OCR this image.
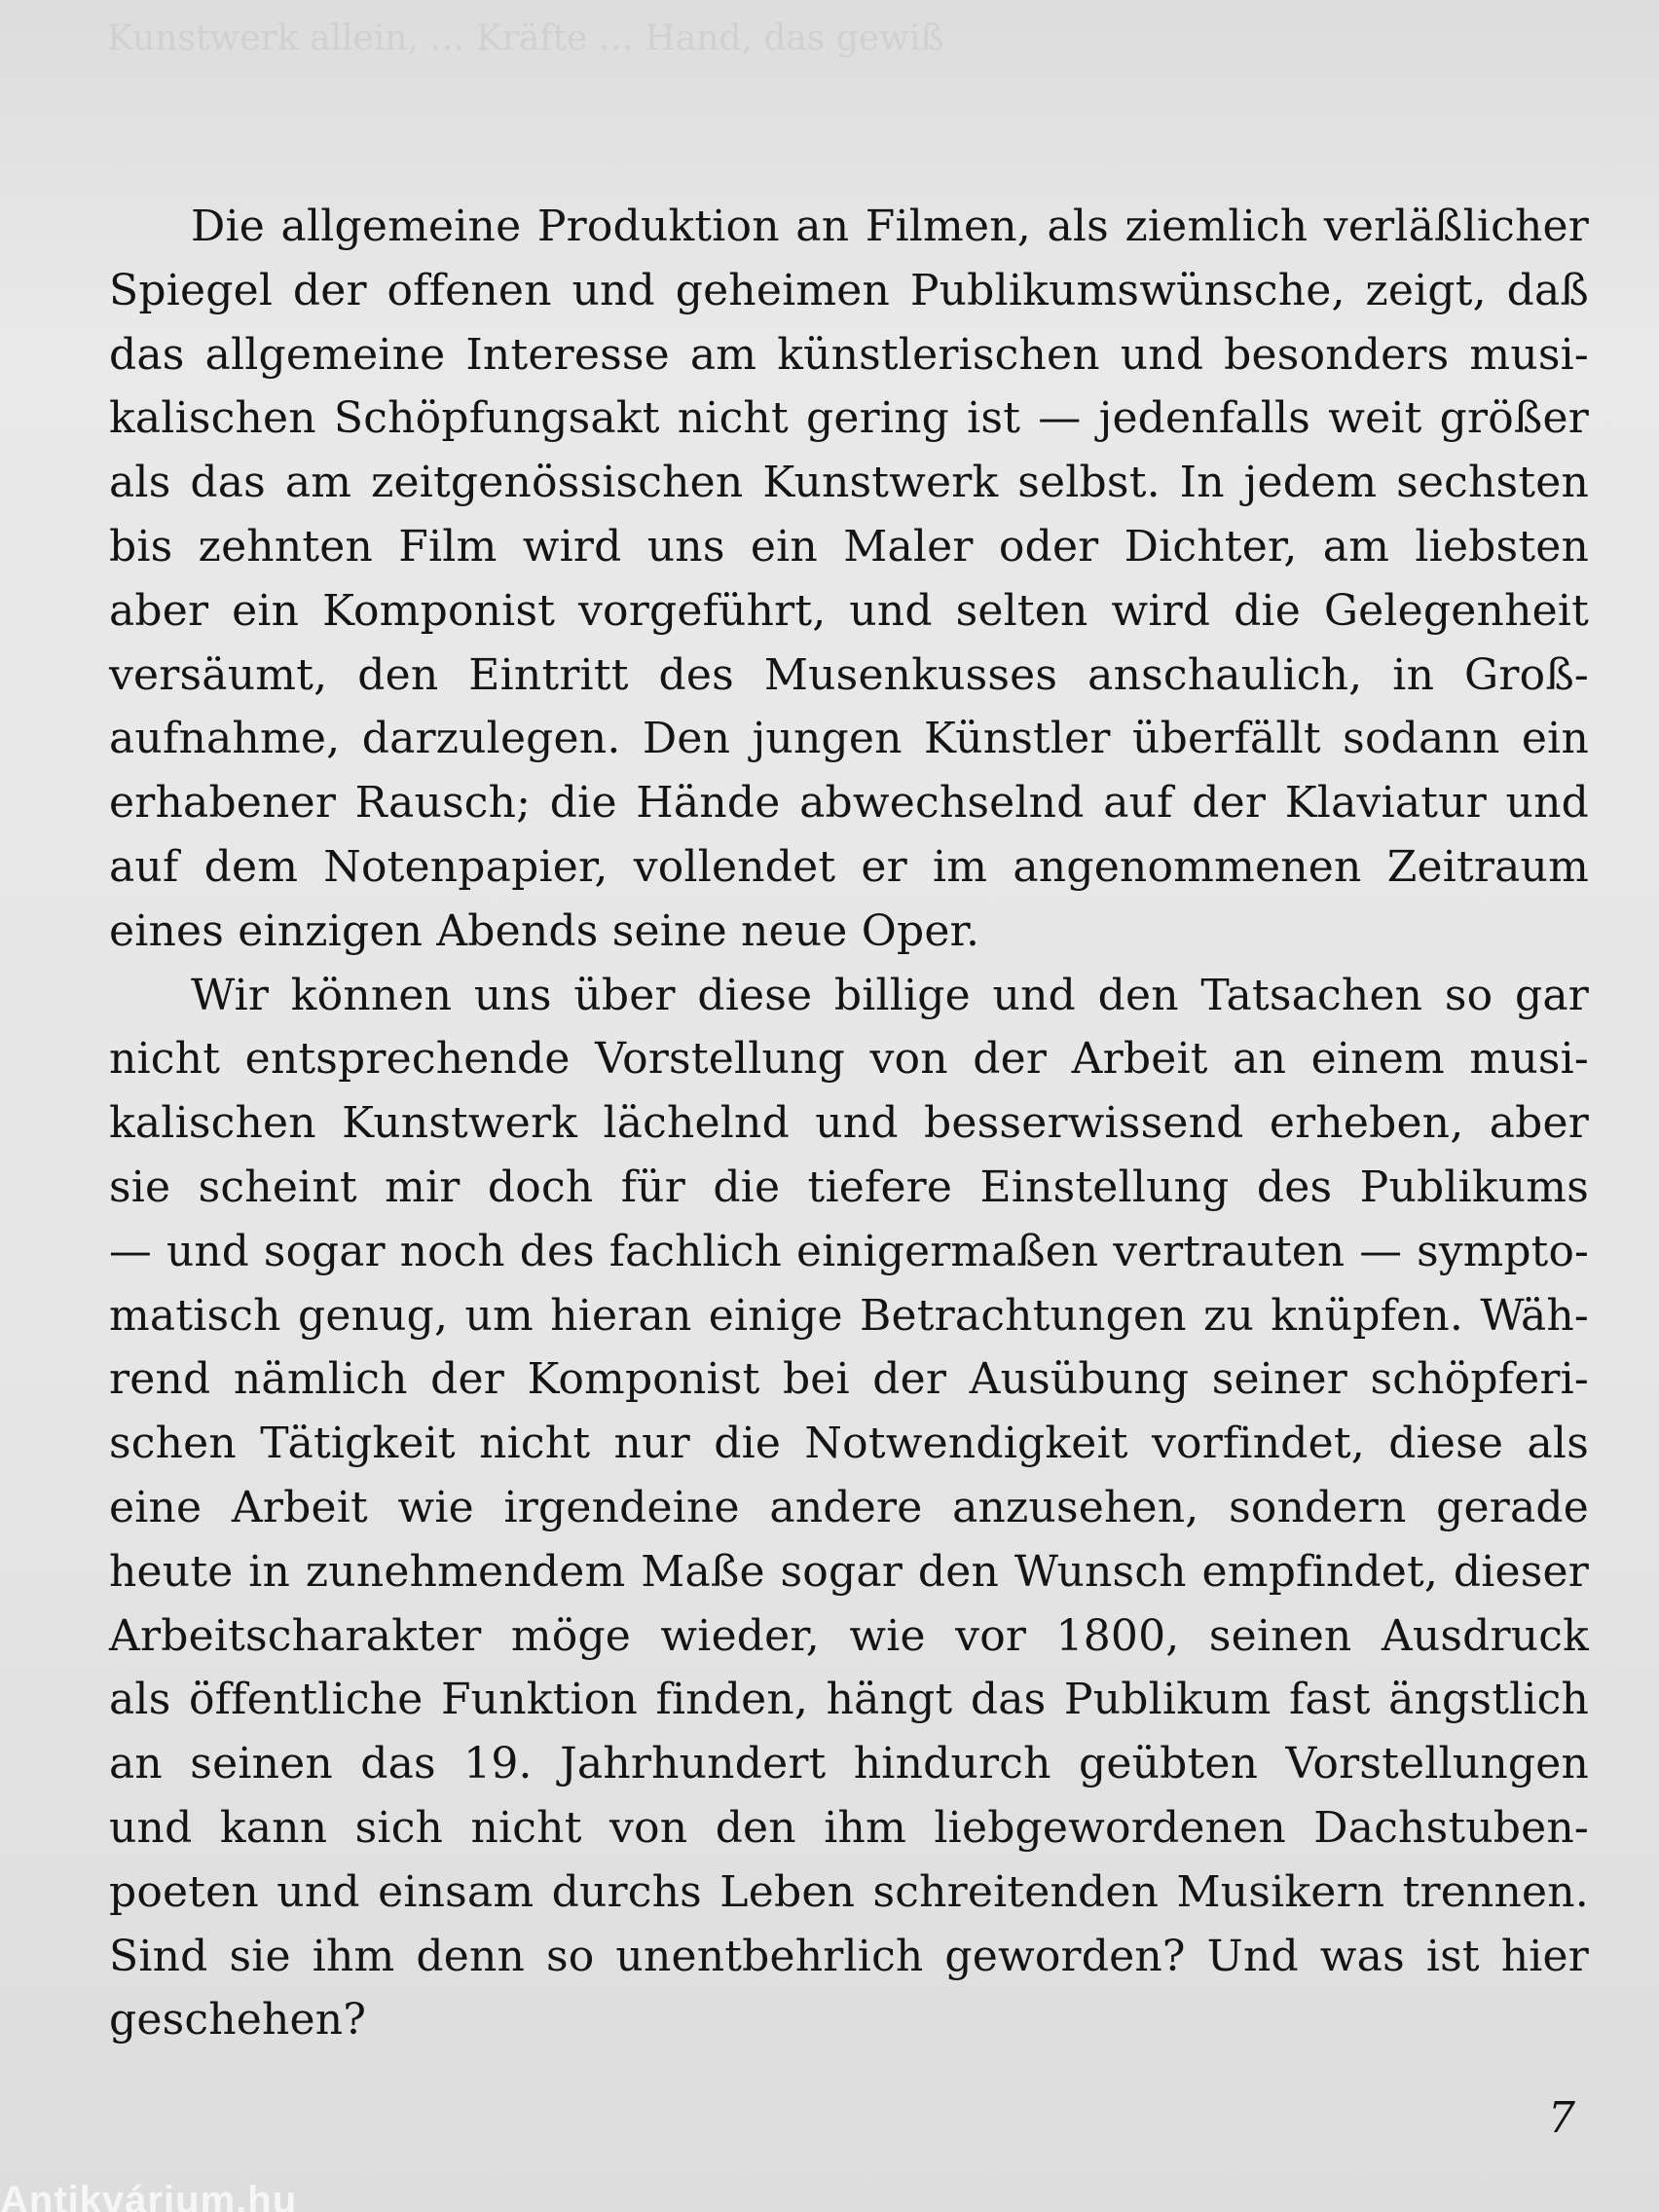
Kunstwerk allein, … Kräfte … Hand, das gewiß
Die allgemeine Produktion an Filmen, als ziemlich verläßlicher
Spiegel der offenen und geheimen Publikumswünsche, zeigt, daß
das allgemeine Interesse am künstlerischen und besonders musi-
kalischen Schöpfungsakt nicht gering ist — jedenfalls weit größer
als das am zeitgenössischen Kunstwerk selbst. In jedem sechsten
bis zehnten Film wird uns ein Maler oder Dichter, am liebsten
aber ein Komponist vorgeführt, und selten wird die Gelegenheit
versäumt, den Eintritt des Musenkusses anschaulich, in Groß-
aufnahme, darzulegen. Den jungen Künstler überfällt sodann ein
erhabener Rausch; die Hände abwechselnd auf der Klaviatur und
auf dem Notenpapier, vollendet er im angenommenen Zeitraum
eines einzigen Abends seine neue Oper.
Wir können uns über diese billige und den Tatsachen so gar
nicht entsprechende Vorstellung von der Arbeit an einem musi-
kalischen Kunstwerk lächelnd und besserwissend erheben, aber
sie scheint mir doch für die tiefere Einstellung des Publikums
— und sogar noch des fachlich einigermaßen vertrauten — sympto-
matisch genug, um hieran einige Betrachtungen zu knüpfen. Wäh-
rend nämlich der Komponist bei der Ausübung seiner schöpferi-
schen Tätigkeit nicht nur die Notwendigkeit vorfindet, diese als
eine Arbeit wie irgendeine andere anzusehen, sondern gerade
heute in zunehmendem Maße sogar den Wunsch empfindet, dieser
Arbeitscharakter möge wieder, wie vor 1800, seinen Ausdruck
als öffentliche Funktion finden, hängt das Publikum fast ängstlich
an seinen das 19. Jahrhundert hindurch geübten Vorstellungen
und kann sich nicht von den ihm liebgewordenen Dachstuben-
poeten und einsam durchs Leben schreitenden Musikern trennen.
Sind sie ihm denn so unentbehrlich geworden? Und was ist hier
geschehen?
7
Antikvárium.hu
